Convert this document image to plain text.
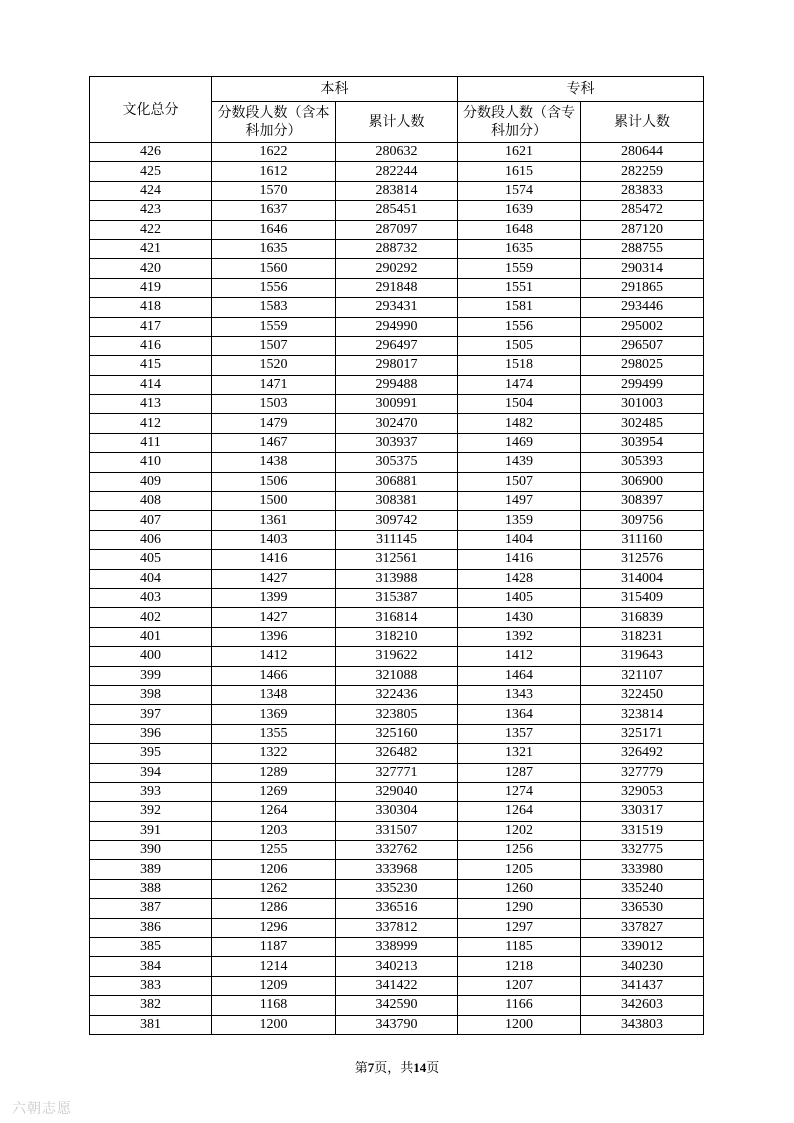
文化总分	本科		专科	
	分数段人数（含本科加分）	累计人数	分数段人数（含专科加分）	累计人数
426	1622	280632	1621	280644
425	1612	282244	1615	282259
424	1570	283814	1574	283833
423	1637	285451	1639	285472
422	1646	287097	1648	287120
421	1635	288732	1635	288755
420	1560	290292	1559	290314
419	1556	291848	1551	291865
418	1583	293431	1581	293446
417	1559	294990	1556	295002
416	1507	296497	1505	296507
415	1520	298017	1518	298025
414	1471	299488	1474	299499
413	1503	300991	1504	301003
412	1479	302470	1482	302485
411	1467	303937	1469	303954
410	1438	305375	1439	305393
409	1506	306881	1507	306900
408	1500	308381	1497	308397
407	1361	309742	1359	309756
406	1403	311145	1404	311160
405	1416	312561	1416	312576
404	1427	313988	1428	314004
403	1399	315387	1405	315409
402	1427	316814	1430	316839
401	1396	318210	1392	318231
400	1412	319622	1412	319643
399	1466	321088	1464	321107
398	1348	322436	1343	322450
397	1369	323805	1364	323814
396	1355	325160	1357	325171
395	1322	326482	1321	326492
394	1289	327771	1287	327779
393	1269	329040	1274	329053
392	1264	330304	1264	330317
391	1203	331507	1202	331519
390	1255	332762	1256	332775
389	1206	333968	1205	333980
388	1262	335230	1260	335240
387	1286	336516	1290	336530
386	1296	337812	1297	337827
385	1187	338999	1185	339012
384	1214	340213	1218	340230
383	1209	341422	1207	341437
382	1168	342590	1166	342603
381	1200	343790	1200	343803
第7页，共14页
六朝志愿
